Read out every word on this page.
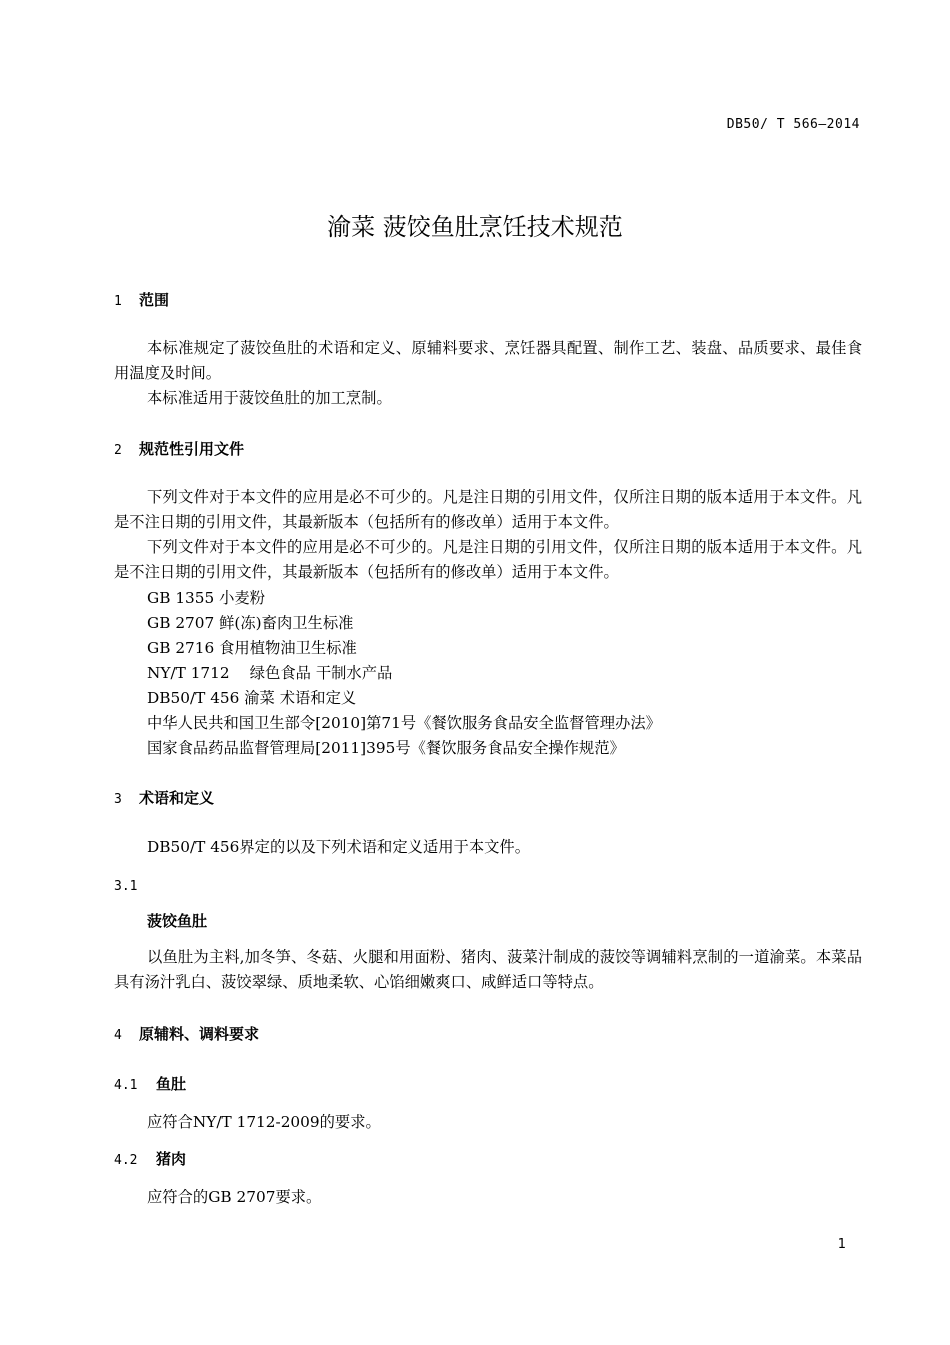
DB50/ T 566—2014
渝菜 菠饺鱼肚烹饪技术规范
1 范围
本标准规定了菠饺鱼肚的术语和定义、原辅料要求、烹饪器具配置、制作工艺、装盘、品质要求、最佳食用温度及时间。
本标准适用于菠饺鱼肚的加工烹制。
2 规范性引用文件
下列文件对于本文件的应用是必不可少的。凡是注日期的引用文件，仅所注日期的版本适用于本文件。凡是不注日期的引用文件，其最新版本（包括所有的修改单）适用于本文件。
下列文件对于本文件的应用是必不可少的。凡是注日期的引用文件，仅所注日期的版本适用于本文件。凡是不注日期的引用文件，其最新版本（包括所有的修改单）适用于本文件。
GB 1355 小麦粉
GB 2707 鲜(冻)畜肉卫生标准
GB 2716 食用植物油卫生标准
NY/T 1712 　绿色食品 干制水产品
DB50/T 456 渝菜 术语和定义
中华人民共和国卫生部令[2010]第71号《餐饮服务食品安全监督管理办法》
国家食品药品监督管理局[2011]395号《餐饮服务食品安全操作规范》
3 术语和定义
DB50/T 456界定的以及下列术语和定义适用于本文件。
3.1
菠饺鱼肚
以鱼肚为主料,加冬笋、冬菇、火腿和用面粉、猪肉、菠菜汁制成的菠饺等调辅料烹制的一道渝菜。本菜品具有汤汁乳白、菠饺翠绿、质地柔软、心馅细嫩爽口、咸鲜适口等特点。
4 原辅料、调料要求
4.1 鱼肚
应符合NY/T 1712-2009的要求。
4.2 猪肉
应符合的GB 2707要求。
1
